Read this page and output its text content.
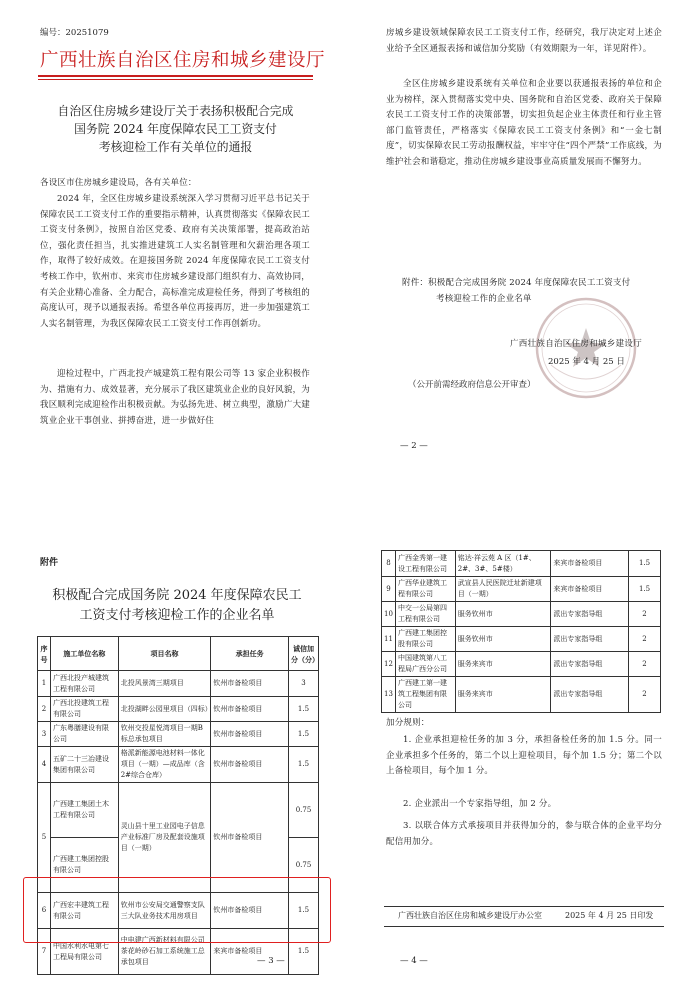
编号：20251079
广西壮族自治区住房和城乡建设厅
自治区住房城乡建设厅关于表扬积极配合完成
国务院 2024 年度保障农民工工资支付
考核迎检工作有关单位的通报
各设区市住房城乡建设局，各有关单位：
2024 年，全区住房城乡建设系统深入学习贯彻习近平总书记关于保障农民工工资支付工作的重要指示精神，认真贯彻落实《保障农民工工资支付条例》，按照自治区党委、政府有关决策部署，提高政治站位，强化责任担当，扎实推进建筑工人实名制管理和欠薪治理各项工作，取得了较好成效。在迎接国务院 2024 年度保障农民工工资支付考核工作中，钦州市、来宾市住房城乡建设部门组织有力、高效协同，有关企业精心准备、全力配合，高标准完成迎检任务，得到了考核组的高度认可，现予以通报表扬。希望各单位再接再厉，进一步加强建筑工人实名制管理，为我区保障农民工工资支付工作再创新功。
迎检过程中，广西北投产城建筑工程有限公司等 13 家企业积极作为、措施有力、成效显著，充分展示了我区建筑业企业的良好风貌，为我区顺利完成迎检作出积极贡献。为弘扬先进、树立典型，激励广大建筑业企业干事创业、拼搏奋进，进一步做好住
房城乡建设领域保障农民工工资支付工作，经研究，我厅决定对上述企业给予全区通报表扬和诚信加分奖励（有效期限为一年，详见附件）。
全区住房城乡建设系统有关单位和企业要以获通报表扬的单位和企业为榜样，深入贯彻落实党中央、国务院和自治区党委、政府关于保障农民工工资支付工作的决策部署，切实担负起企业主体责任和行业主管部门监管责任，严格落实《保障农民工工资支付条例》和“一金七制度”，切实保障农民工劳动报酬权益，牢牢守住“四个严禁”工作底线，为维护社会和谐稳定，推动住房城乡建设事业高质量发展而不懈努力。
附件：积极配合完成国务院 2024 年度保障农民工工资支付
考核迎检工作的企业名单
广西壮族自治区住房和城乡建设厅
2025 年 4 月 25 日
（公开前需经政府信息公开审查）
— 2 —
附件
积极配合完成国务院 2024 年度保障农民工
工资支付考核迎检工作的企业名单
序号	施工单位名称	项目名称	承担任务	诚信加分（分）
1	广西北投产城建筑工程有限公司	北投风景湾三期项目	钦州市备检项目	3
2	广西北投建筑工程有限公司	北投湖畔公园里项目（四标）	钦州市备检项目	1.5
3	广东粤膳建设有限公司	钦州交投星悦湾项目一期B标总承包项目	钦州市备检项目	1.5
4	五矿二十三冶建设集团有限公司	格派新能源电池材料一体化项目（一期）—成品库（含2#综合仓库）	钦州市备检项目	1.5
5	广西建工集团土木工程有限公司	灵山县十里工业园电子信息产业标准厂房及配套设施项目（一期）	钦州市备检项目	0.75
	广西建工集团控股有限公司			0.75
6	广西宏丰建筑工程有限公司	钦州市公安局交通警察支队三大队业务技术用房项目	钦州市备检项目	1.5
7	中国水利水电第七工程局有限公司	中电建广西新材料有限公司茶花岭砂石加工系统施工总承包项目	来宾市备检项目	1.5
— 3 —
8	广西金秀第一建设工程有限公司	铭达·祥云苑 A 区（1#、2#、3#、5#楼）	来宾市备检项目	1.5
9	广西华业建筑工程有限公司	武宣县人民医院迁址新建项目（一期）	来宾市备检项目	1.5
10	中交一公局第四工程有限公司	服务钦州市	派出专家指导组	2
11	广西建工集团控股有限公司	服务钦州市	派出专家指导组	2
12	中国建筑第八工程局广西分公司	服务来宾市	派出专家指导组	2
13	广西建工第一建筑工程集团有限公司	服务来宾市	派出专家指导组	2
加分规则：
1. 企业承担迎检任务的加 3 分，承担备检任务的加 1.5 分。同一企业承担多个任务的，第二个以上迎检项目，每个加 1.5 分；第二个以上备检项目，每个加 1 分。
2. 企业派出一个专家指导组，加 2 分。
3. 以联合体方式承接项目并获得加分的，参与联合体的企业平均分配信用加分。
广西壮族自治区住房和城乡建设厅办公室	2025 年 4 月 25 日印发
— 4 —
